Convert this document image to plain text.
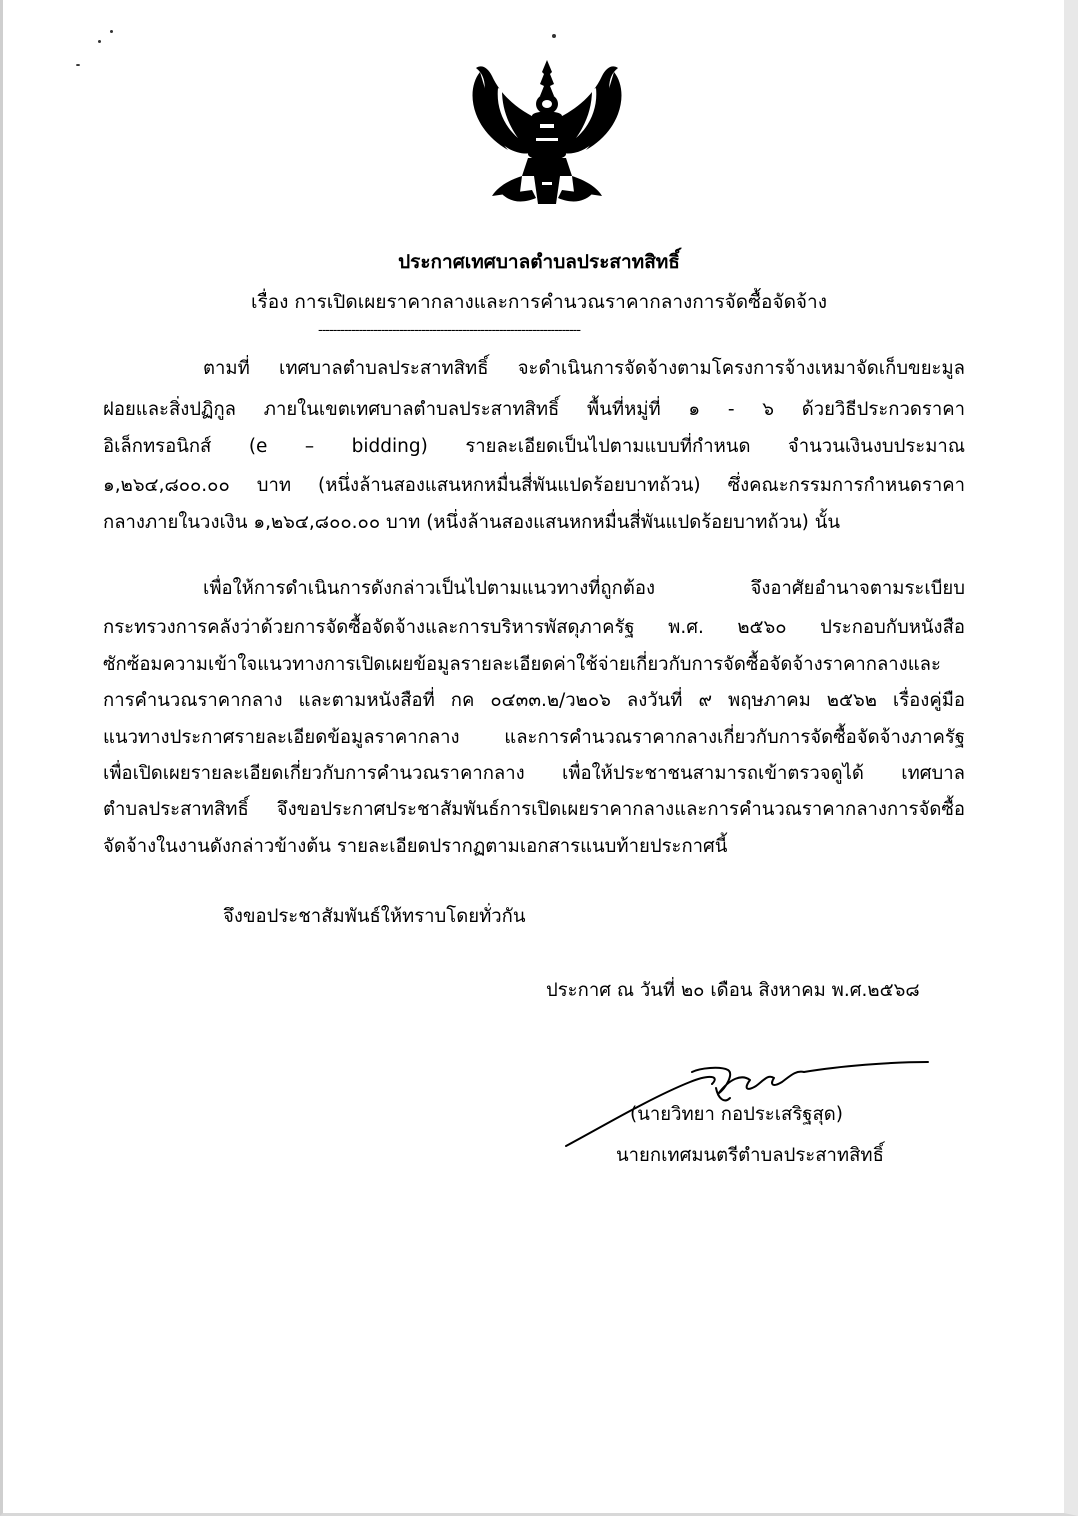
ประกาศเทศบาลตำบลประสาทสิทธิ์
เรื่อง การเปิดเผยราคากลางและการคำนวณราคากลางการจัดซื้อจัดจ้าง
-----------------------------------------------------------------------
ตามที่ เทศบาลตำบลประสาทสิทธิ์ จะดำเนินการจัดจ้างตามโครงการจ้างเหมาจัดเก็บขยะมูล
ฝอยและสิ่งปฏิกูล ภายในเขตเทศบาลตำบลประสาทสิทธิ์ พื้นที่หมู่ที่ ๑ - ๖ ด้วยวิธีประกวดราคา
อิเล็กทรอนิกส์ (e – bidding) รายละเอียดเป็นไปตามแบบที่กำหนด จำนวนเงินงบประมาณ
๑,๒๖๔,๘๐๐.๐๐ บาท (หนึ่งล้านสองแสนหกหมื่นสี่พันแปดร้อยบาทถ้วน) ซึ่งคณะกรรมการกำหนดราคา
กลางภายในวงเงิน ๑,๒๖๔,๘๐๐.๐๐ บาท (หนึ่งล้านสองแสนหกหมื่นสี่พันแปดร้อยบาทถ้วน) นั้น
เพื่อให้การดำเนินการดังกล่าวเป็นไปตามแนวทางที่ถูกต้อง จึงอาศัยอำนาจตามระเบียบ
กระทรวงการคลังว่าด้วยการจัดซื้อจัดจ้างและการบริหารพัสดุภาครัฐ พ.ศ. ๒๕๖๐ ประกอบกับหนังสือ
ซักซ้อมความเข้าใจแนวทางการเปิดเผยข้อมูลรายละเอียดค่าใช้จ่ายเกี่ยวกับการจัดซื้อจัดจ้างราคากลางและ
การคำนวณราคากลาง และตามหนังสือที่ กค ๐๔๓๓.๒/ว๒๐๖ ลงวันที่ ๙ พฤษภาคม ๒๕๖๒ เรื่องคู่มือ
แนวทางประกาศรายละเอียดข้อมูลราคากลาง และการคำนวณราคากลางเกี่ยวกับการจัดซื้อจัดจ้างภาครัฐ
เพื่อเปิดเผยรายละเอียดเกี่ยวกับการคำนวณราคากลาง เพื่อให้ประชาชนสามารถเข้าตรวจดูได้ เทศบาล
ตำบลประสาทสิทธิ์ จึงขอประกาศประชาสัมพันธ์การเปิดเผยราคากลางและการคำนวณราคากลางการจัดซื้อ
จัดจ้างในงานดังกล่าวข้างต้น รายละเอียดปรากฏตามเอกสารแนบท้ายประกาศนี้
จึงขอประชาสัมพันธ์ให้ทราบโดยทั่วกัน
ประกาศ ณ วันที่ ๒๐ เดือน สิงหาคม พ.ศ.๒๕๖๘
(นายวิทยา กอประเสริฐสุด)
นายกเทศมนตรีตำบลประสาทสิทธิ์
